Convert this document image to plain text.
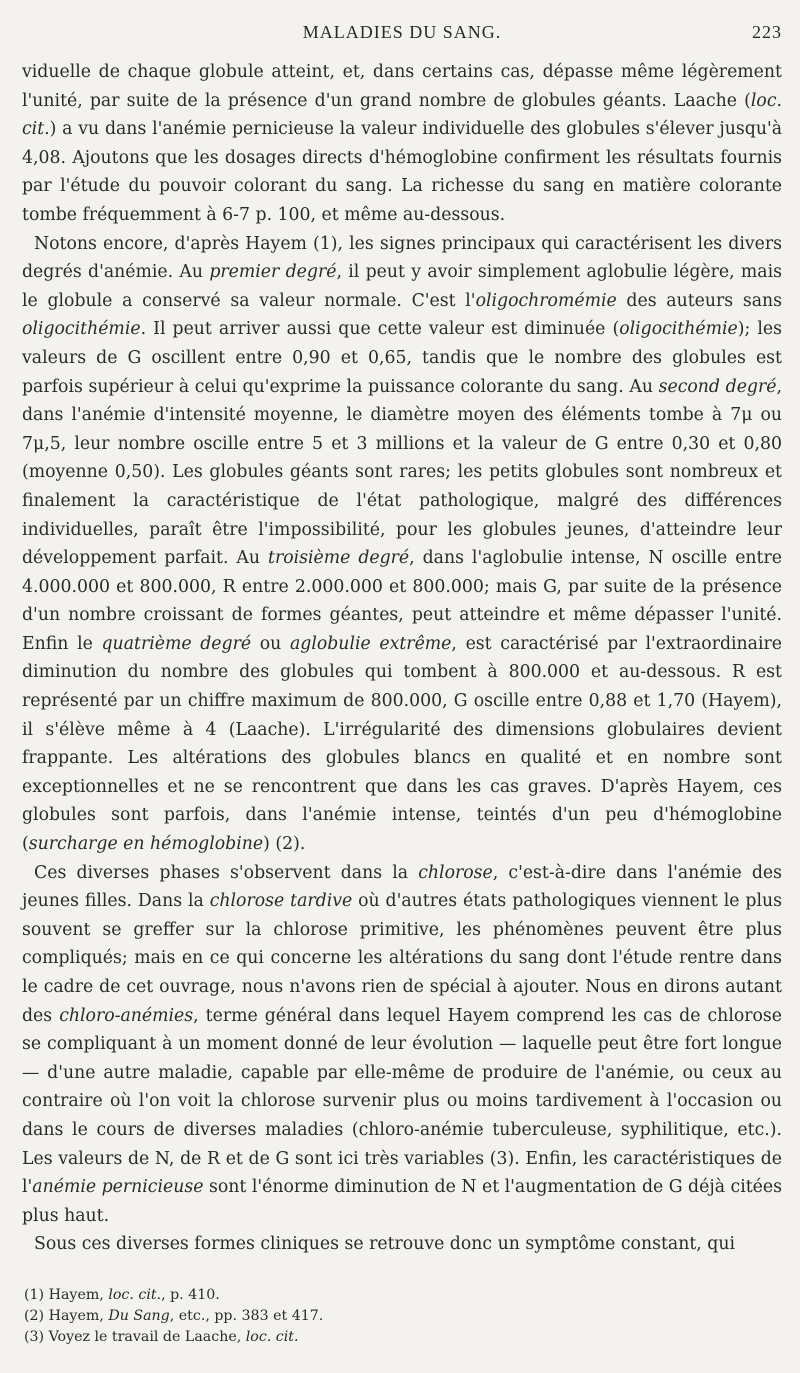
MALADIES DU SANG.	223

viduelle de chaque globule atteint, et, dans certains cas, dépasse même légèrement l'unité, par suite de la présence d'un grand nombre de globules géants. Laache (loc. cit.) a vu dans l'anémie pernicieuse la valeur individuelle des globules s'élever jusqu'à 4,08. Ajoutons que les dosages directs d'hémoglobine confirment les résultats fournis par l'étude du pouvoir colorant du sang. La richesse du sang en matière colorante tombe fréquemment à 6-7 p. 100, et même au-dessous.

Notons encore, d'après Hayem (1), les signes principaux qui caractérisent les divers degrés d'anémie. Au premier degré, il peut y avoir simplement aglobulie légère, mais le globule a conservé sa valeur normale. C'est l'oligochromémie des auteurs sans oligocithémie. Il peut arriver aussi que cette valeur est diminuée (oligocithémie); les valeurs de G oscillent entre 0,90 et 0,65, tandis que le nombre des globules est parfois supérieur à celui qu'exprime la puissance colorante du sang. Au second degré, dans l'anémie d'intensité moyenne, le diamètre moyen des éléments tombe à 7μ ou 7μ,5, leur nombre oscille entre 5 et 3 millions et la valeur de G entre 0,30 et 0,80 (moyenne 0,50). Les globules géants sont rares; les petits globules sont nombreux et finalement la caractéristique de l'état pathologique, malgré des différences individuelles, paraît être l'impossibilité, pour les globules jeunes, d'atteindre leur développement parfait. Au troisième degré, dans l'aglobulie intense, N oscille entre 4.000.000 et 800.000, R entre 2.000.000 et 800.000; mais G, par suite de la présence d'un nombre croissant de formes géantes, peut atteindre et même dépasser l'unité. Enfin le quatrième degré ou aglobulie extrême, est caractérisé par l'extraordinaire diminution du nombre des globules qui tombent à 800.000 et au-dessous. R est représenté par un chiffre maximum de 800.000, G oscille entre 0,88 et 1,70 (Hayem), il s'élève même à 4 (Laache). L'irrégularité des dimensions globulaires devient frappante. Les altérations des globules blancs en qualité et en nombre sont exceptionnelles et ne se rencontrent que dans les cas graves. D'après Hayem, ces globules sont parfois, dans l'anémie intense, teintés d'un peu d'hémoglobine (surcharge en hémoglobine) (2).

Ces diverses phases s'observent dans la chlorose, c'est-à-dire dans l'anémie des jeunes filles. Dans la chlorose tardive où d'autres états pathologiques viennent le plus souvent se greffer sur la chlorose primitive, les phénomènes peuvent être plus compliqués; mais en ce qui concerne les altérations du sang dont l'étude rentre dans le cadre de cet ouvrage, nous n'avons rien de spécial à ajouter. Nous en dirons autant des chloro-anémies, terme général dans lequel Hayem comprend les cas de chlorose se compliquant à un moment donné de leur évolution — laquelle peut être fort longue — d'une autre maladie, capable par elle-même de produire de l'anémie, ou ceux au contraire où l'on voit la chlorose survenir plus ou moins tardivement à l'occasion ou dans le cours de diverses maladies (chloro-anémie tuberculeuse, syphilitique, etc.). Les valeurs de N, de R et de G sont ici très variables (3). Enfin, les caractéristiques de l'anémie pernicieuse sont l'énorme diminution de N et l'augmentation de G déjà citées plus haut.

Sous ces diverses formes cliniques se retrouve donc un symptôme constant, qui

(1) Hayem, loc. cit., p. 410.
(2) Hayem, Du Sang, etc., pp. 383 et 417.
(3) Voyez le travail de Laache, loc. cit.
